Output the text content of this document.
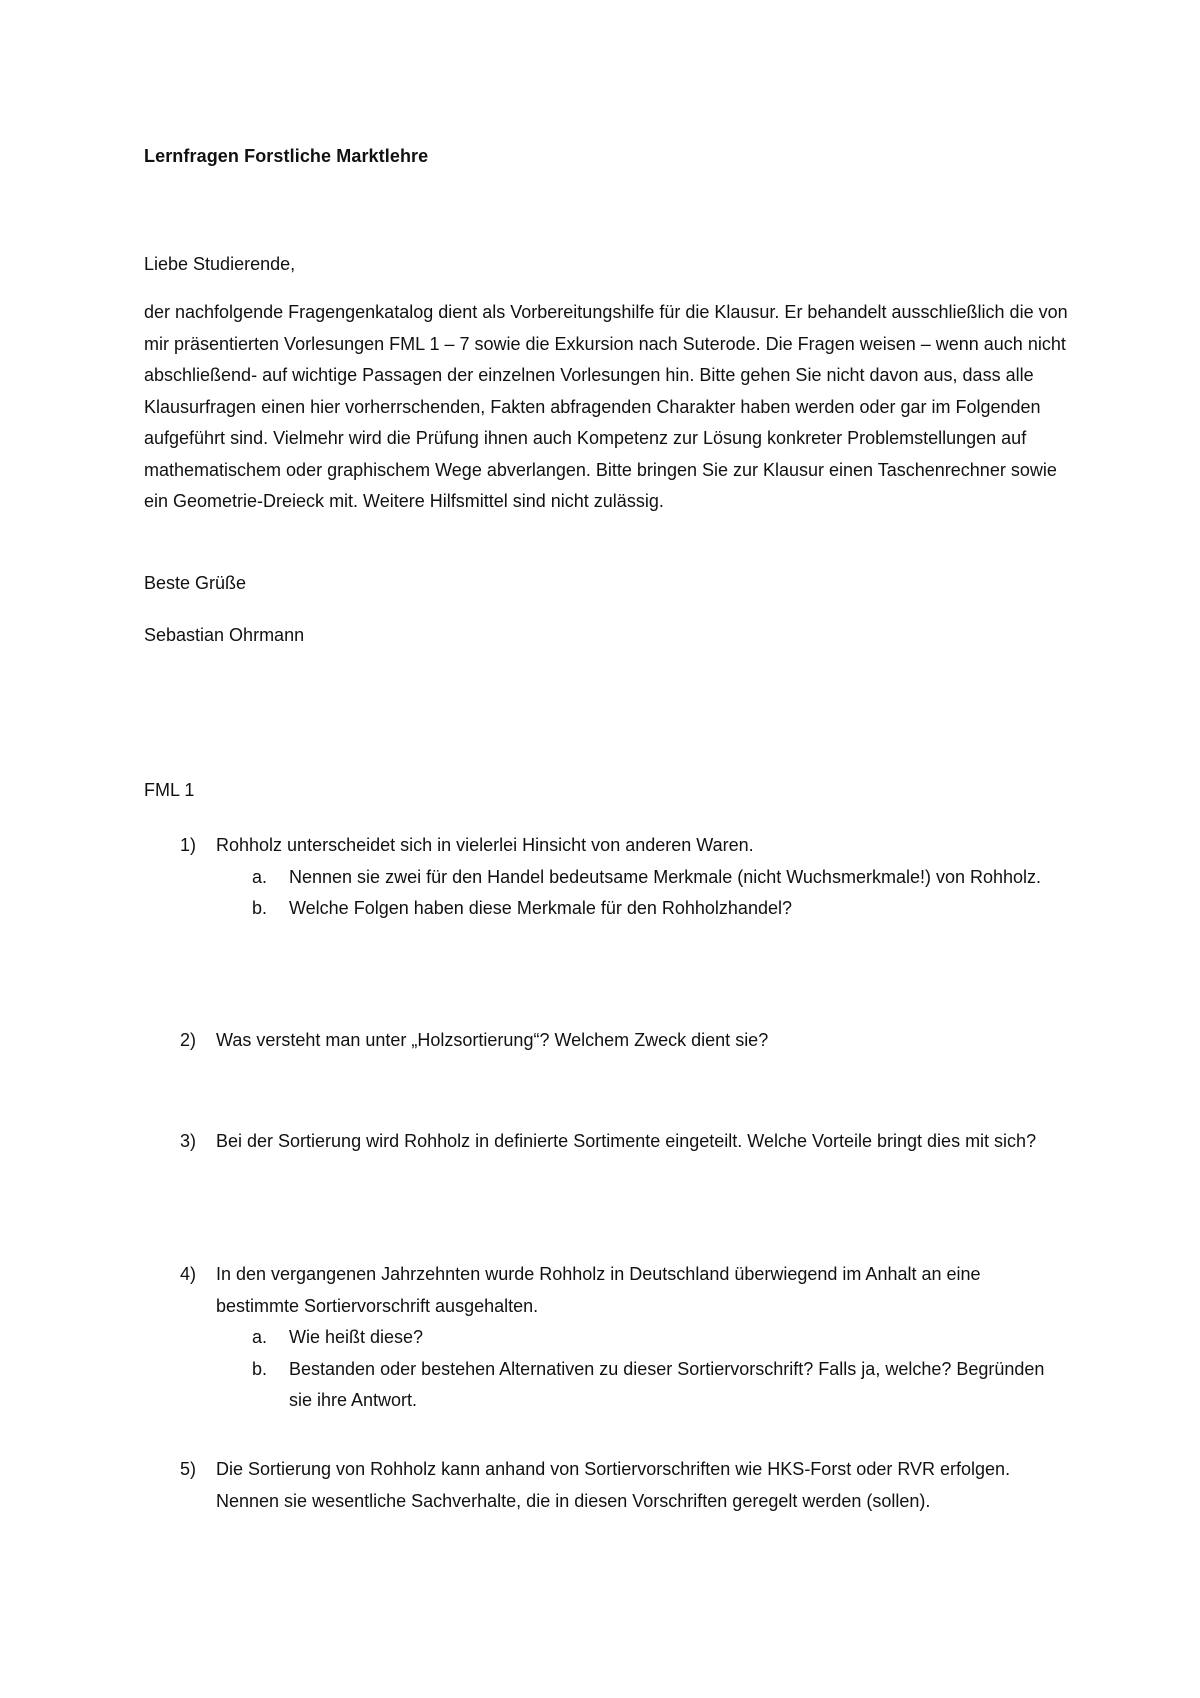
Lernfragen Forstliche Marktlehre
Liebe Studierende,
der nachfolgende Fragengenkatalog dient als Vorbereitungshilfe für die Klausur. Er behandelt ausschließlich die von mir präsentierten Vorlesungen FML 1 – 7 sowie die Exkursion nach Suterode. Die Fragen weisen – wenn auch nicht abschließend- auf wichtige Passagen der einzelnen Vorlesungen hin. Bitte gehen Sie nicht davon aus, dass alle Klausurfragen einen hier vorherrschenden, Fakten abfragenden Charakter haben werden oder gar im Folgenden aufgeführt sind. Vielmehr wird die Prüfung ihnen auch Kompetenz zur Lösung konkreter Problemstellungen auf mathematischem oder graphischem Wege abverlangen. Bitte bringen Sie zur Klausur einen Taschenrechner sowie ein Geometrie-Dreieck mit. Weitere Hilfsmittel sind nicht zulässig.
Beste Grüße
Sebastian Ohrmann
FML 1
1)	Rohholz unterscheidet sich in vielerlei Hinsicht von anderen Waren.
a.	Nennen sie zwei für den Handel bedeutsame Merkmale (nicht Wuchsmerkmale!) von Rohholz.
b.	Welche Folgen haben diese Merkmale für den Rohholzhandel?
2)	Was versteht man unter „Holzsortierung“? Welchem Zweck dient sie?
3)	Bei der Sortierung wird Rohholz in definierte Sortimente eingeteilt. Welche Vorteile bringt dies mit sich?
4)	In den vergangenen Jahrzehnten wurde Rohholz in Deutschland überwiegend im Anhalt an eine bestimmte Sortiervorschrift ausgehalten.
a.	Wie heißt diese?
b.	Bestanden oder bestehen Alternativen zu dieser Sortiervorschrift? Falls ja, welche? Begründen sie ihre Antwort.
5)	Die Sortierung von Rohholz kann anhand von Sortiervorschriften wie HKS-Forst oder RVR erfolgen. Nennen sie wesentliche Sachverhalte, die in diesen Vorschriften geregelt werden (sollen).
